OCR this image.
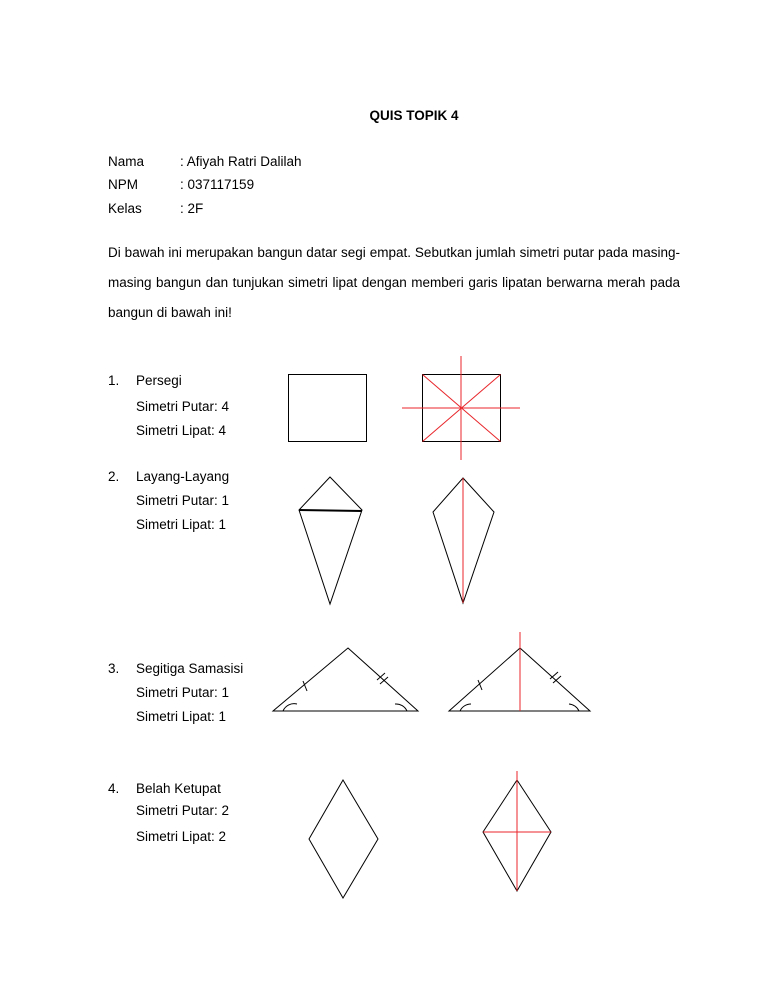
QUIS TOPIK 4
Nama	: Afiyah Ratri Dalilah
NPM	: 037117159
Kelas	: 2F
Di bawah ini merupakan bangun datar segi empat. Sebutkan jumlah simetri putar pada masing-masing bangun dan tunjukan simetri lipat dengan memberi garis lipatan berwarna merah pada bangun di bawah ini!
1. Persegi
Simetri Putar: 4
Simetri Lipat: 4
2. Layang-Layang
Simetri Putar: 1
Simetri Lipat: 1
3. Segitiga Samasisi
Simetri Putar: 1
Simetri Lipat: 1
4. Belah Ketupat
Simetri Putar: 2
Simetri Lipat: 2
